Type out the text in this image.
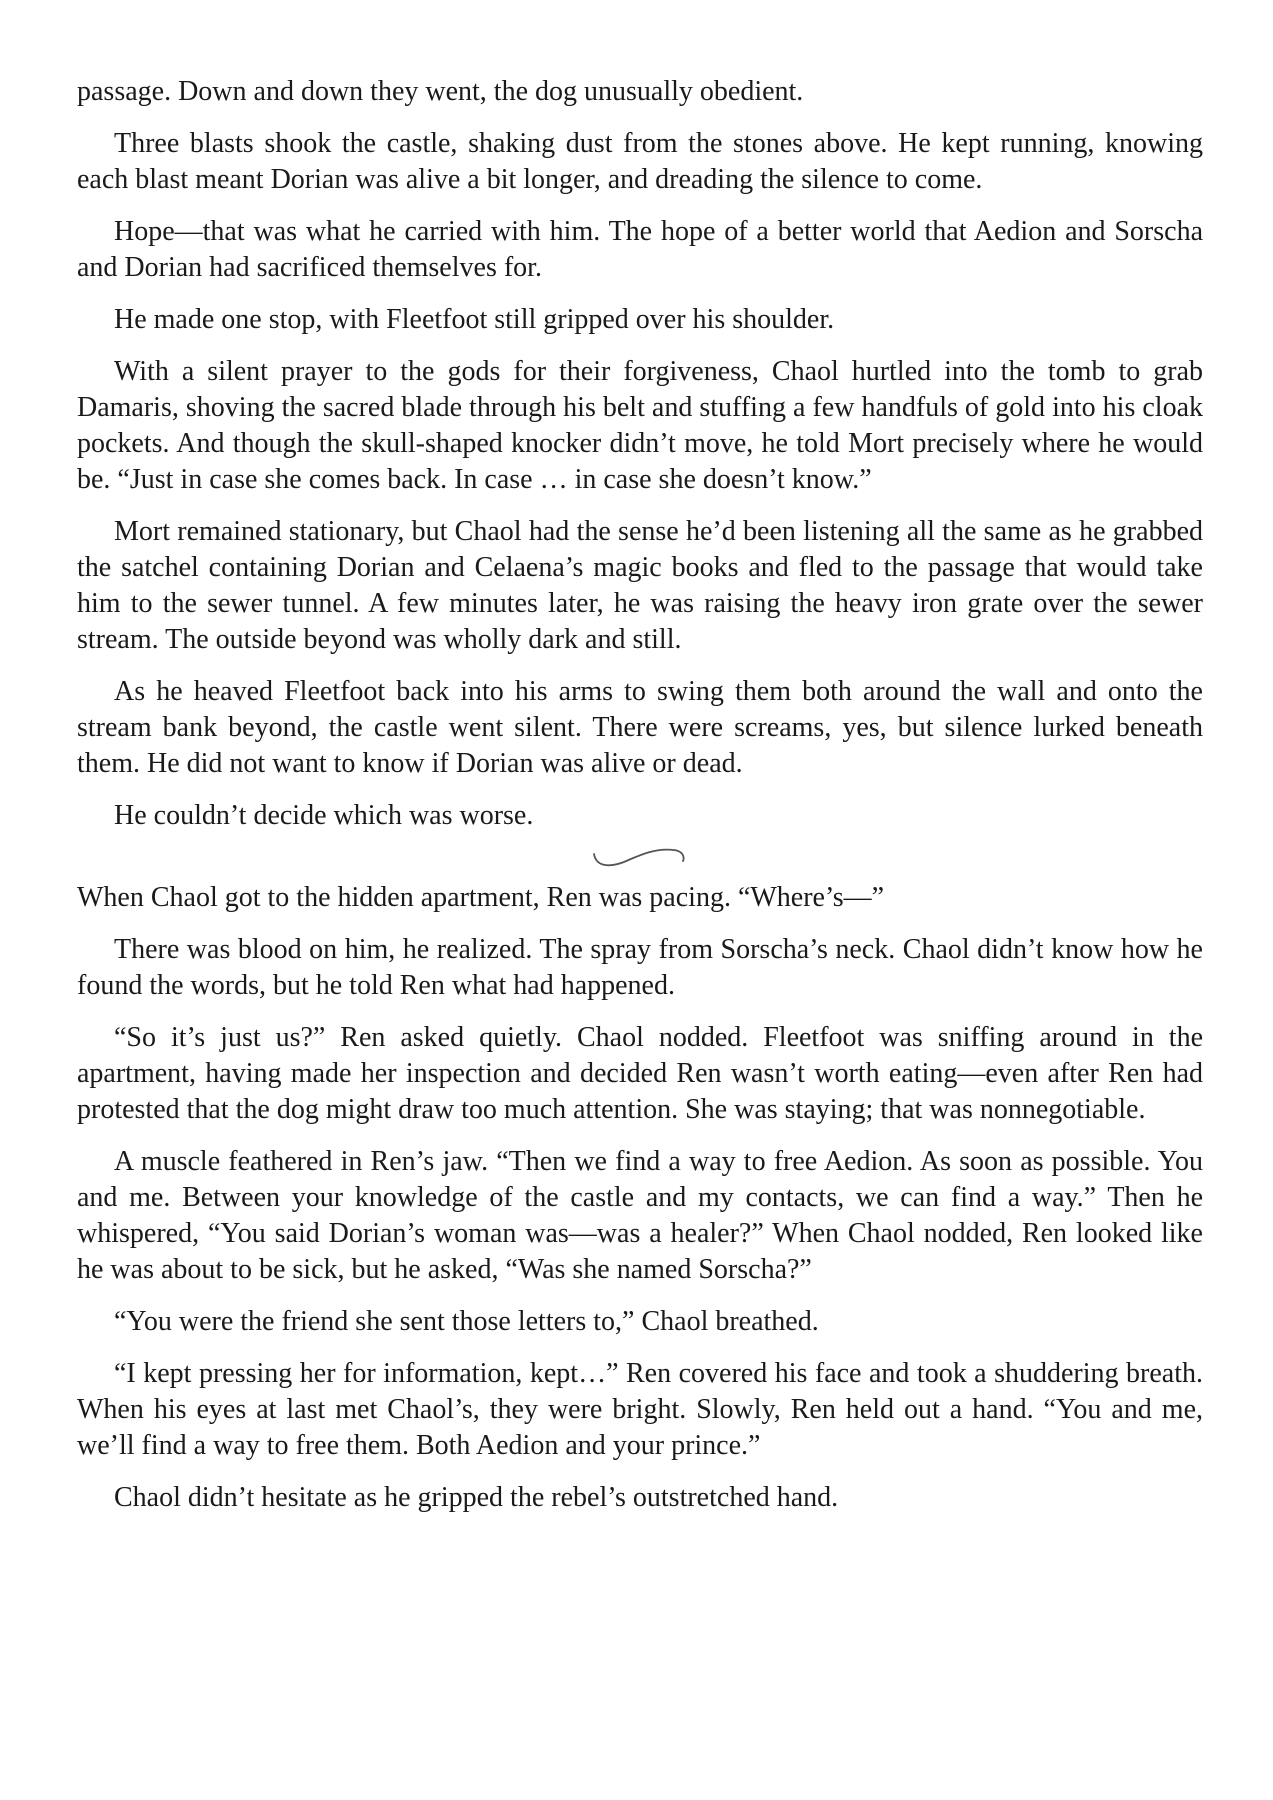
passage. Down and down they went, the dog unusually obedient.

Three blasts shook the castle, shaking dust from the stones above. He kept running, knowing each blast meant Dorian was alive a bit longer, and dreading the silence to come.

Hope—that was what he carried with him. The hope of a better world that Aedion and Sorscha and Dorian had sacrificed themselves for.

He made one stop, with Fleetfoot still gripped over his shoulder.

With a silent prayer to the gods for their forgiveness, Chaol hurtled into the tomb to grab Damaris, shoving the sacred blade through his belt and stuffing a few handfuls of gold into his cloak pockets. And though the skull-shaped knocker didn’t move, he told Mort precisely where he would be. “Just in case she comes back. In case … in case she doesn’t know.”

Mort remained stationary, but Chaol had the sense he’d been listening all the same as he grabbed the satchel containing Dorian and Celaena’s magic books and fled to the passage that would take him to the sewer tunnel. A few minutes later, he was raising the heavy iron grate over the sewer stream. The outside beyond was wholly dark and still.

As he heaved Fleetfoot back into his arms to swing them both around the wall and onto the stream bank beyond, the castle went silent. There were screams, yes, but silence lurked beneath them. He did not want to know if Dorian was alive or dead.

He couldn’t decide which was worse.

When Chaol got to the hidden apartment, Ren was pacing. “Where’s—”

There was blood on him, he realized. The spray from Sorscha’s neck. Chaol didn’t know how he found the words, but he told Ren what had happened.

“So it’s just us?” Ren asked quietly. Chaol nodded. Fleetfoot was sniffing around in the apartment, having made her inspection and decided Ren wasn’t worth eating—even after Ren had protested that the dog might draw too much attention. She was staying; that was nonnegotiable.

A muscle feathered in Ren’s jaw. “Then we find a way to free Aedion. As soon as possible. You and me. Between your knowledge of the castle and my contacts, we can find a way.” Then he whispered, “You said Dorian’s woman was—was a healer?” When Chaol nodded, Ren looked like he was about to be sick, but he asked, “Was she named Sorscha?”

“You were the friend she sent those letters to,” Chaol breathed.

“I kept pressing her for information, kept…” Ren covered his face and took a shuddering breath. When his eyes at last met Chaol’s, they were bright. Slowly, Ren held out a hand. “You and me, we’ll find a way to free them. Both Aedion and your prince.”

Chaol didn’t hesitate as he gripped the rebel’s outstretched hand.
